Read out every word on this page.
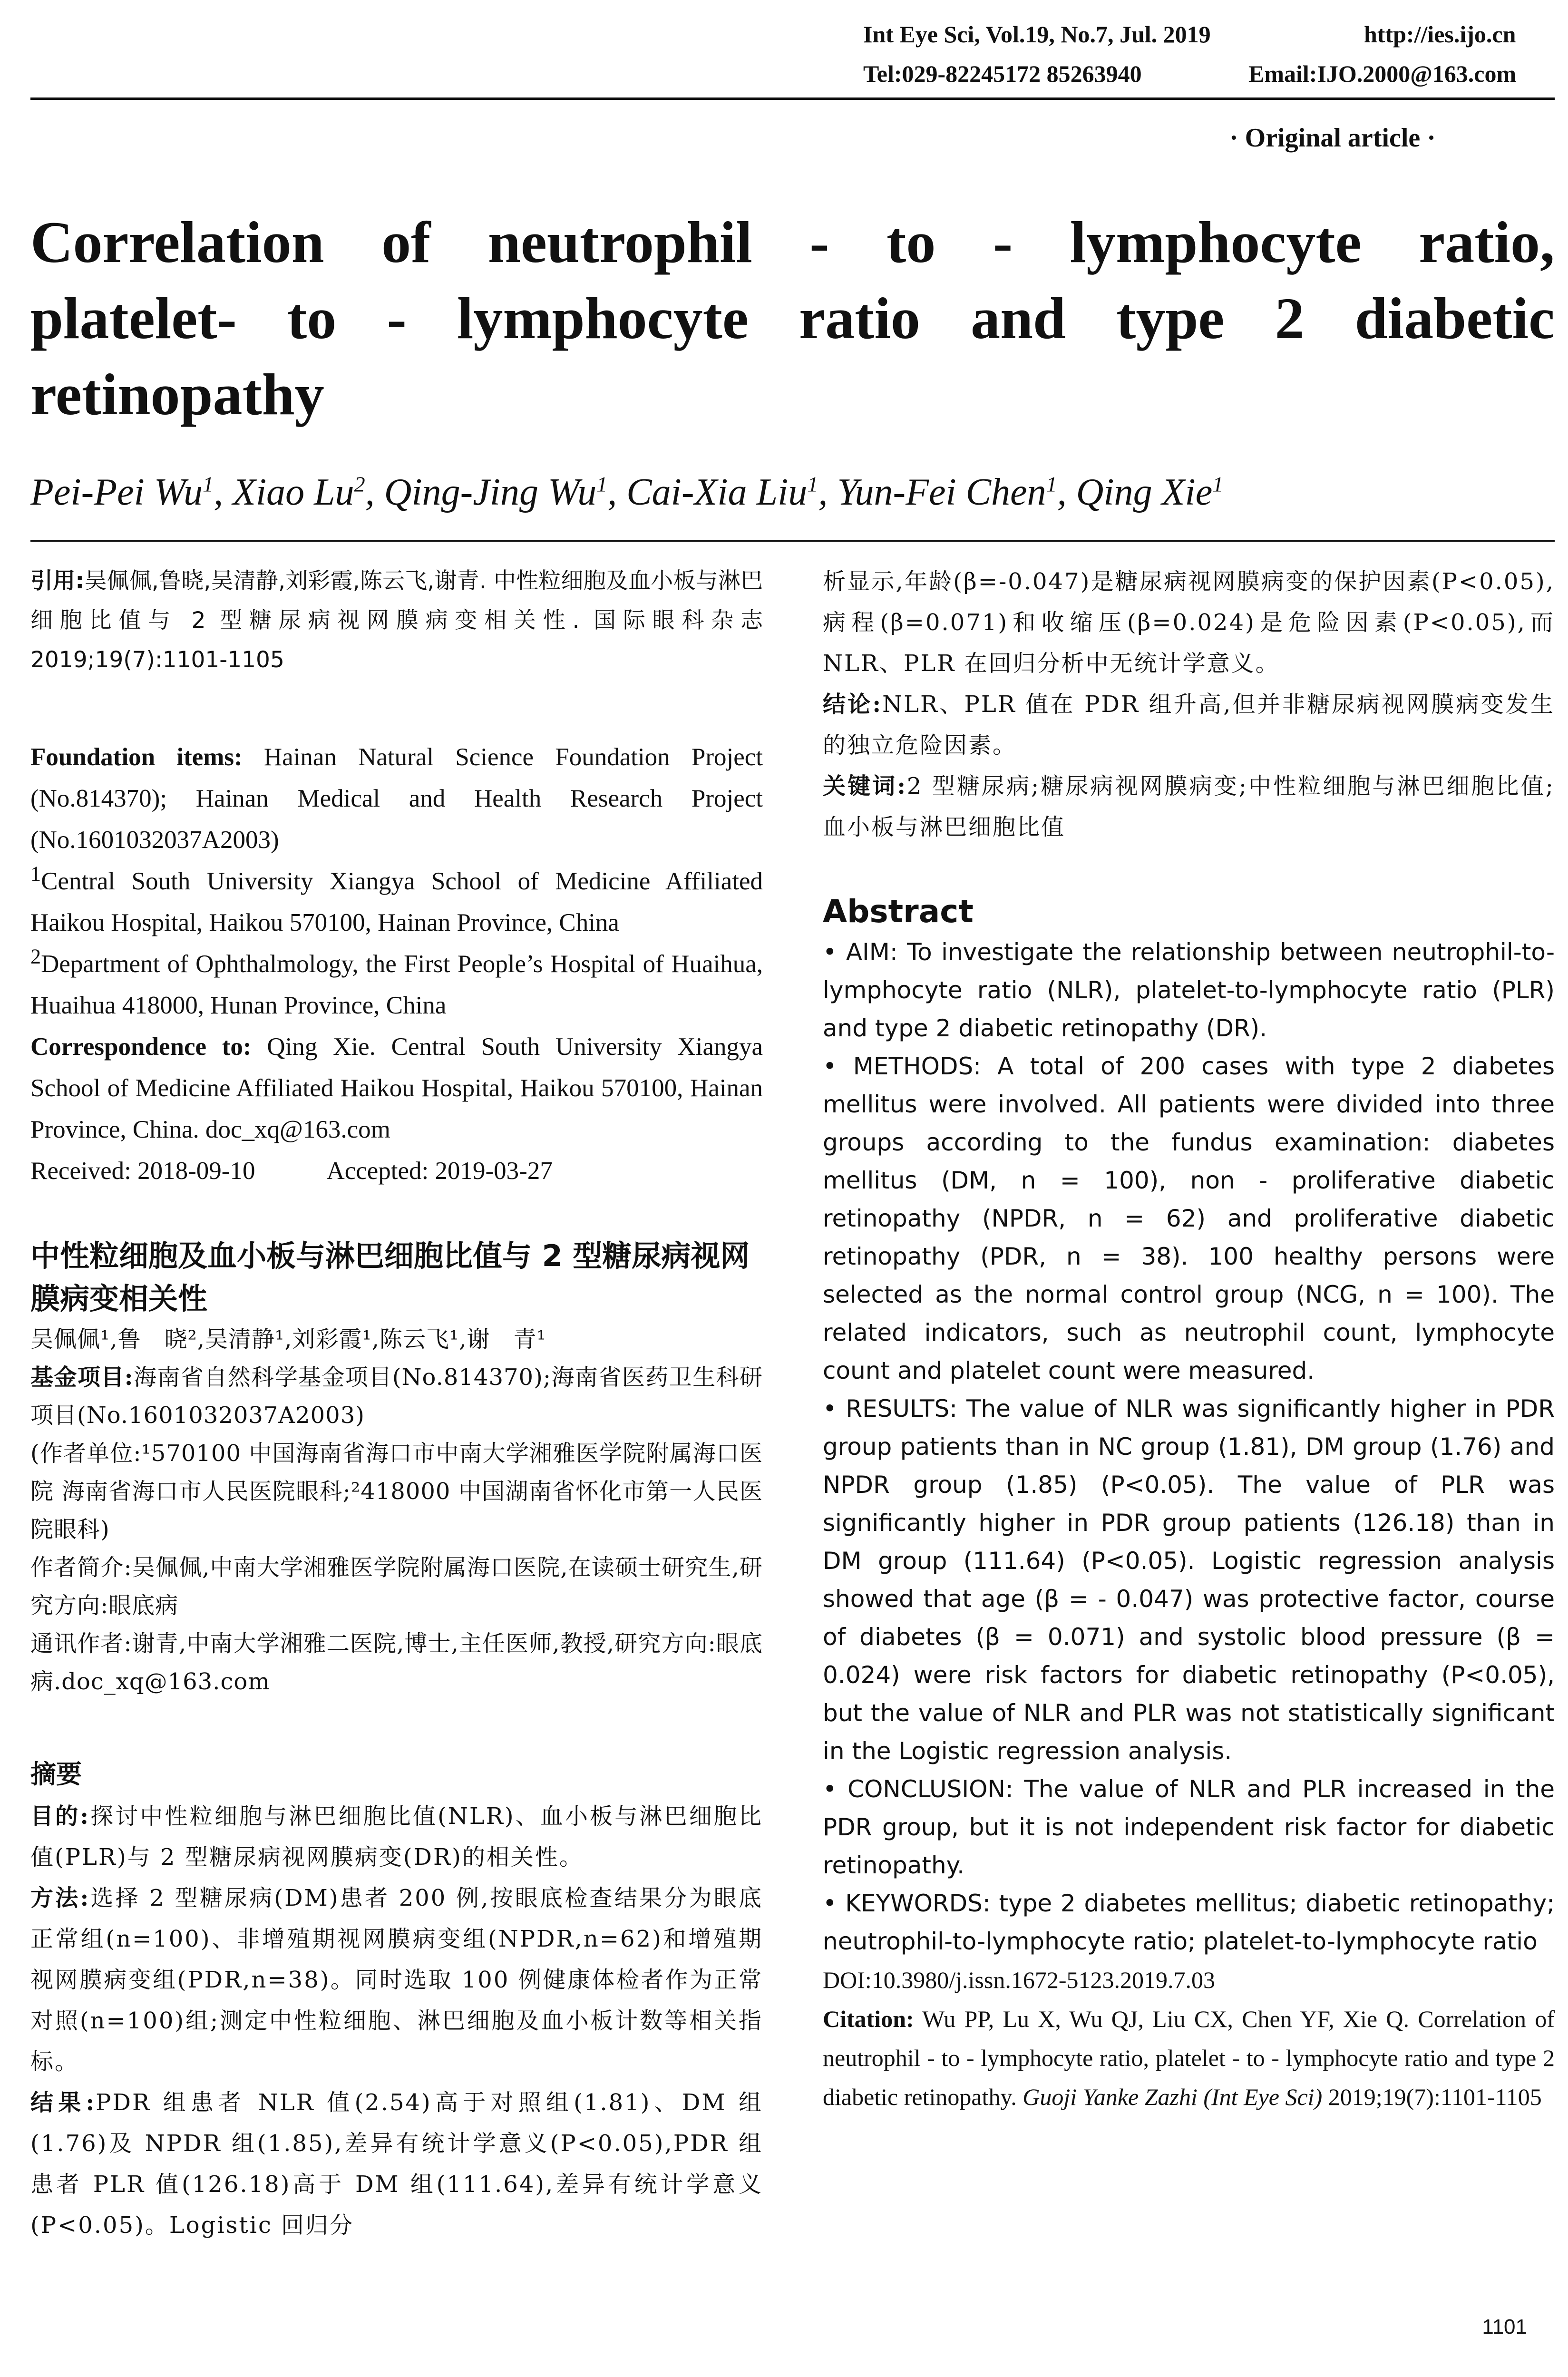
Int Eye Sci, Vol.19, No.7, Jul. 2019	http://ies.ijo.cn
Tel:029-82245172 85263940	Email:IJO.2000@163.com
· Original article ·
Correlation of neutrophil - to - lymphocyte ratio,
platelet- to - lymphocyte ratio and type 2 diabetic
retinopathy
Pei-Pei Wu$^1$, Xiao Lu$^2$, Qing-Jing Wu$^1$, Cai-Xia Liu$^1$, Yun-Fei Chen$^1$, Qing Xie$^1$

引用:吴佩佩,鲁晓,吴清静,刘彩霞,陈云飞,谢青. 中性粒细胞及血小板与淋巴细胞比值与 2 型糖尿病视网膜病变相关性. 国际眼科杂志 2019;19(7):1101-1105

Foundation items: Hainan Natural Science Foundation Project (No.814370); Hainan Medical and Health Research Project (No.1601032037A2003)

$^1$Central South University Xiangya School of Medicine Affiliated Haikou Hospital, Haikou 570100, Hainan Province, China

$^2$Department of Ophthalmology, the First People’s Hospital of Huaihua, Huaihua 418000, Hunan Province, China

Correspondence to: Qing Xie. Central South University Xiangya School of Medicine Affiliated Haikou Hospital, Haikou 570100, Hainan Province, China. doc_xq@163.com

Received: 2018-09-10	Accepted: 2019-03-27

中性粒细胞及血小板与淋巴细胞比值与 2 型糖尿病视网膜病变相关性

吴佩佩¹,鲁　晓²,吴清静¹,刘彩霞¹,陈云飞¹,谢　青¹

基金项目:海南省自然科学基金项目(No.814370);海南省医药卫生科研项目(No.1601032037A2003)

(作者单位:¹570100 中国海南省海口市中南大学湘雅医学院附属海口医院 海南省海口市人民医院眼科;²418000 中国湖南省怀化市第一人民医院眼科)

作者简介:吴佩佩,中南大学湘雅医学院附属海口医院,在读硕士研究生,研究方向:眼底病

通讯作者:谢青,中南大学湘雅二医院,博士,主任医师,教授,研究方向:眼底病.doc_xq@163.com

摘要

目的:探讨中性粒细胞与淋巴细胞比值(NLR)、血小板与淋巴细胞比值(PLR)与 2 型糖尿病视网膜病变(DR)的相关性。

方法:选择 2 型糖尿病(DM)患者 200 例,按眼底检查结果分为眼底正常组(n=100)、非增殖期视网膜病变组(NPDR,n=62)和增殖期视网膜病变组(PDR,n=38)。同时选取 100 例健康体检者作为正常对照(n=100)组;测定中性粒细胞、淋巴细胞及血小板计数等相关指标。

结果:PDR 组患者 NLR 值(2.54)高于对照组(1.81)、DM 组(1.76)及 NPDR 组(1.85),差异有统计学意义(P<0.05),PDR 组患者 PLR 值(126.18)高于 DM 组(111.64),差异有统计学意义(P<0.05)。Logistic 回归分

析显示,年龄(β=-0.047)是糖尿病视网膜病变的保护因素(P<0.05),病程(β=0.071)和收缩压(β=0.024)是危险因素(P<0.05),而 NLR、PLR 在回归分析中无统计学意义。

结论:NLR、PLR 值在 PDR 组升高,但并非糖尿病视网膜病变发生的独立危险因素。

关键词:2 型糖尿病;糖尿病视网膜病变;中性粒细胞与淋巴细胞比值;血小板与淋巴细胞比值

Abstract

• AIM: To investigate the relationship between neutrophil-to-lymphocyte ratio (NLR), platelet-to-lymphocyte ratio (PLR) and type 2 diabetic retinopathy (DR).

• METHODS: A total of 200 cases with type 2 diabetes mellitus were involved. All patients were divided into three groups according to the fundus examination: diabetes mellitus (DM, n = 100), non - proliferative diabetic retinopathy (NPDR, n = 62) and proliferative diabetic retinopathy (PDR, n = 38). 100 healthy persons were selected as the normal control group (NCG, n = 100). The related indicators, such as neutrophil count, lymphocyte count and platelet count were measured.

• RESULTS: The value of NLR was significantly higher in PDR group patients than in NC group (1.81), DM group (1.76) and NPDR group (1.85) (P<0.05). The value of PLR was significantly higher in PDR group patients (126.18) than in DM group (111.64) (P<0.05). Logistic regression analysis showed that age (β = - 0.047) was protective factor, course of diabetes (β = 0.071) and systolic blood pressure (β = 0.024) were risk factors for diabetic retinopathy (P<0.05), but the value of NLR and PLR was not statistically significant in the Logistic regression analysis.

• CONCLUSION: The value of NLR and PLR increased in the PDR group, but it is not independent risk factor for diabetic retinopathy.

• KEYWORDS: type 2 diabetes mellitus; diabetic retinopathy; neutrophil-to-lymphocyte ratio; platelet-to-lymphocyte ratio

DOI:10.3980/j.issn.1672-5123.2019.7.03

Citation: Wu PP, Lu X, Wu QJ, Liu CX, Chen YF, Xie Q. Correlation of neutrophil - to - lymphocyte ratio, platelet - to - lymphocyte ratio and type 2 diabetic retinopathy. Guoji Yanke Zazhi (Int Eye Sci) 2019;19(7):1101-1105

1101
